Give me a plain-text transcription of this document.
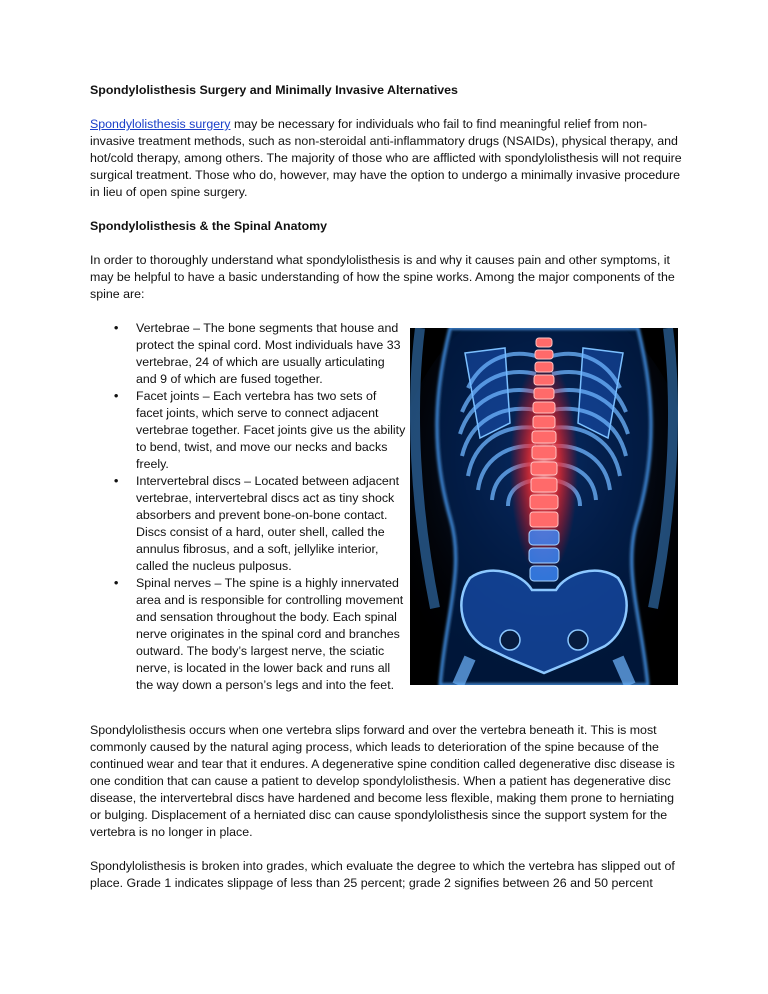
Spondylolisthesis Surgery and Minimally Invasive Alternatives

Spondylolisthesis surgery may be necessary for individuals who fail to find meaningful relief from non-invasive treatment methods, such as non-steroidal anti-inflammatory drugs (NSAIDs), physical therapy, and hot/cold therapy, among others. The majority of those who are afflicted with spondylolisthesis will not require surgical treatment. Those who do, however, may have the option to undergo a minimally invasive procedure in lieu of open spine surgery.

Spondylolisthesis & the Spinal Anatomy

In order to thoroughly understand what spondylolisthesis is and why it causes pain and other symptoms, it may be helpful to have a basic understanding of how the spine works. Among the major components of the spine are:

• Vertebrae – The bone segments that house and protect the spinal cord. Most individuals have 33 vertebrae, 24 of which are usually articulating and 9 of which are fused together.
• Facet joints – Each vertebra has two sets of facet joints, which serve to connect adjacent vertebrae together. Facet joints give us the ability to bend, twist, and move our necks and backs freely.
• Intervertebral discs – Located between adjacent vertebrae, intervertebral discs act as tiny shock absorbers and prevent bone-on-bone contact. Discs consist of a hard, outer shell, called the annulus fibrosus, and a soft, jellylike interior, called the nucleus pulposus.
• Spinal nerves – The spine is a highly innervated area and is responsible for controlling movement and sensation throughout the body. Each spinal nerve originates in the spinal cord and branches outward. The body’s largest nerve, the sciatic nerve, is located in the lower back and runs all the way down a person’s legs and into the feet.

Spondylolisthesis occurs when one vertebra slips forward and over the vertebra beneath it. This is most commonly caused by the natural aging process, which leads to deterioration of the spine because of the continued wear and tear that it endures. A degenerative spine condition called degenerative disc disease is one condition that can cause a patient to develop spondylolisthesis. When a patient has degenerative disc disease, the intervertebral discs have hardened and become less flexible, making them prone to herniating or bulging. Displacement of a herniated disc can cause spondylolisthesis since the support system for the vertebra is no longer in place.

Spondylolisthesis is broken into grades, which evaluate the degree to which the vertebra has slipped out of place. Grade 1 indicates slippage of less than 25 percent; grade 2 signifies between 26 and 50 percent
